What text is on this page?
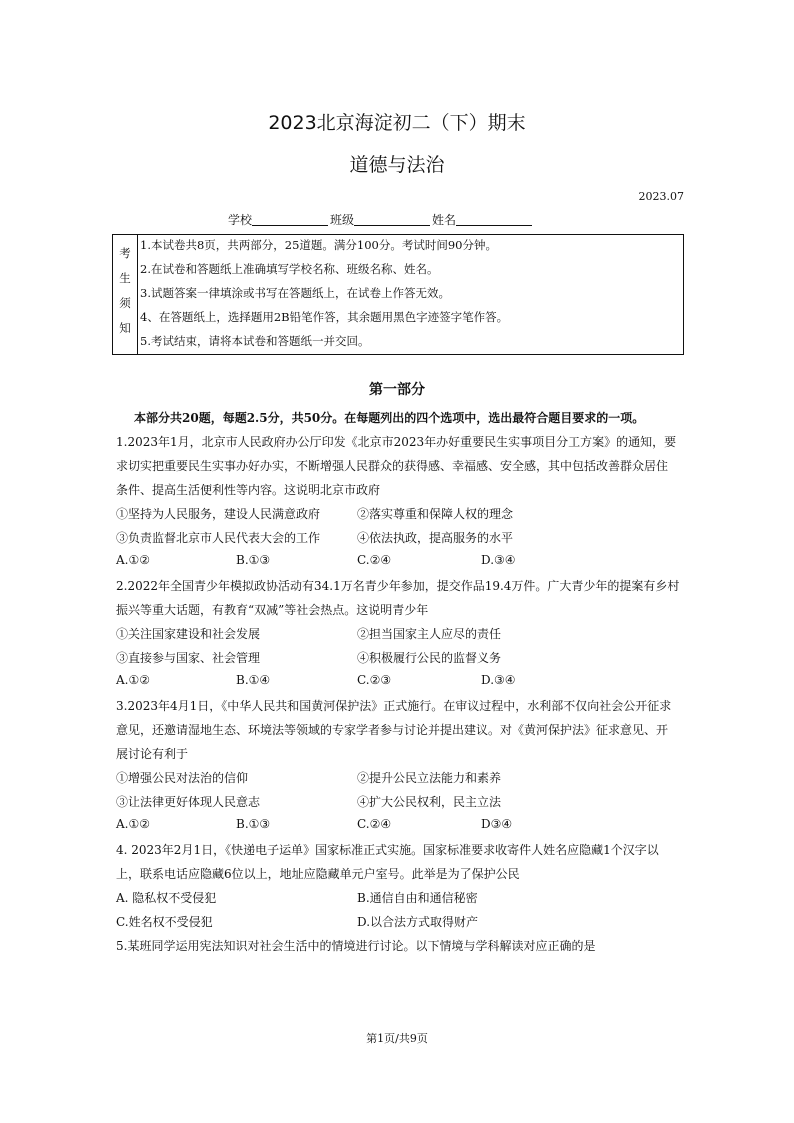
2023北京海淀初二（下）期末
道德与法治
2023.07
学校	班级	姓名
考
生
须
知
1.本试卷共8页，共两部分，25道题。满分100分。考试时间90分钟。
2.在试卷和答题纸上准确填写学校名称、班级名称、姓名。
3.试题答案一律填涂或书写在答题纸上，在试卷上作答无效。
4、在答题纸上，选择题用2B铅笔作答，其余题用黑色字迹签字笔作答。
5.考试结束，请将本试卷和答题纸一并交回。
第一部分
本部分共20题，每题2.5分，共50分。在每题列出的四个选项中，选出最符合题目要求的一项。
1.2023年1月，北京市人民政府办公厅印发《北京市2023年办好重要民生实事项目分工方案》的通知，要
求切实把重要民生实事办好办实，不断增强人民群众的获得感、幸福感、安全感，其中包括改善群众居住
条件、提高生活便利性等内容。这说明北京市政府
①坚持为人民服务，建设人民满意政府	②落实尊重和保障人权的理念
③负责监督北京市人民代表大会的工作	④依法执政，提高服务的水平
A.①②	B.①③	C.②④	D.③④
2.2022年全国青少年模拟政协活动有34.1万名青少年参加，提交作品19.4万件。广大青少年的提案有乡村
振兴等重大话题，有教育“双减”等社会热点。这说明青少年
①关注国家建设和社会发展	②担当国家主人应尽的责任
③直接参与国家、社会管理	④积极履行公民的监督义务
A.①②	B.①④	C.②③	D.③④
3.2023年4月1日，《中华人民共和国黄河保护法》正式施行。在审议过程中，水利部不仅向社会公开征求
意见，还邀请湿地生态、环境法等领域的专家学者参与讨论并提出建议。对《黄河保护法》征求意见、开
展讨论有利于
①增强公民对法治的信仰	②提升公民立法能力和素养
③让法律更好体现人民意志	④扩大公民权利，民主立法
A.①②	B.①③	C.②④	D③④
4. 2023年2月1日，《快递电子运单》国家标准正式实施。国家标准要求收寄件人姓名应隐藏1个汉字以
上，联系电话应隐藏6位以上，地址应隐藏单元户室号。此举是为了保护公民
A. 隐私权不受侵犯	B.通信自由和通信秘密
C.姓名权不受侵犯	D.以合法方式取得财产
5.某班同学运用宪法知识对社会生活中的情境进行讨论。以下情境与学科解读对应正确的是
第1页/共9页
